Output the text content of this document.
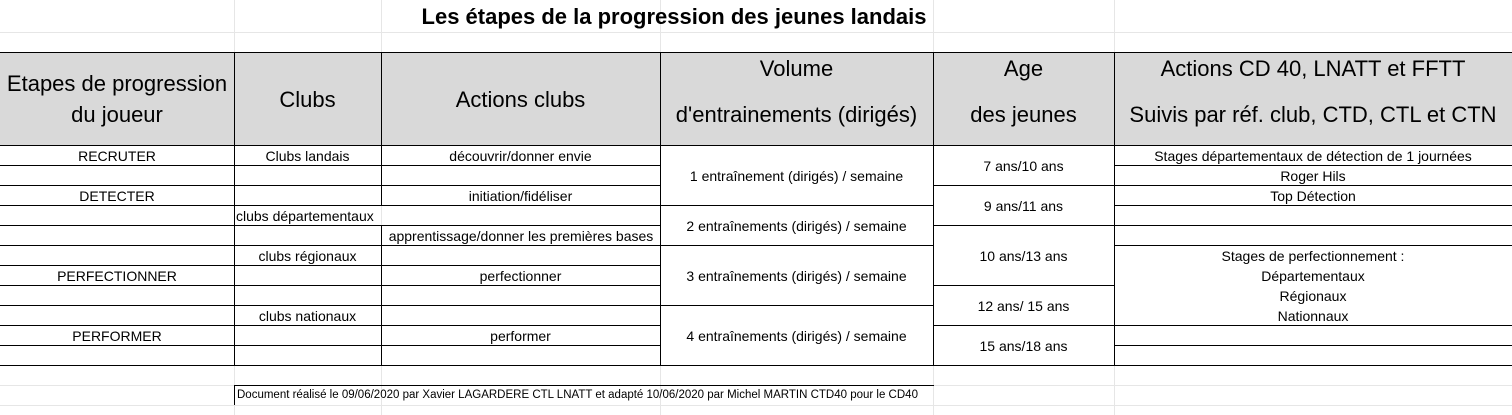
Les étapes de la progression des jeunes landais
Etapes de progression du joueur
Clubs	Actions clubs
Volume
d'entrainements (dirigés)
Age
des jeunes
Actions CD 40, LNATT et FFTT
Suivis par réf. club, CTD, CTL et CTN
RECRUTER
DETECTER
PERFECTIONNER
PERFORMER
Clubs landais
clubs départementaux
clubs régionaux
clubs nationaux
découvrir/donner envie
initiation/fidéliser
apprentissage/donner les premières bases
perfectionner
performer
1 entraînement (dirigés) / semaine
2 entraînements (dirigés) / semaine
3 entraînements (dirigés) / semaine
4 entraînements (dirigés) / semaine
7 ans/10 ans
9 ans/11 ans
10 ans/13 ans
12 ans/ 15 ans
15 ans/18 ans
Stages départementaux de détection de 1 journées
Roger Hils
Top Détection
Stages de perfectionnement :
Départementaux
Régionaux
Nationnaux
Document réalisé le 09/06/2020 par Xavier LAGARDERE CTL LNATT et adapté 10/06/2020 par Michel MARTIN CTD40 pour le CD40
